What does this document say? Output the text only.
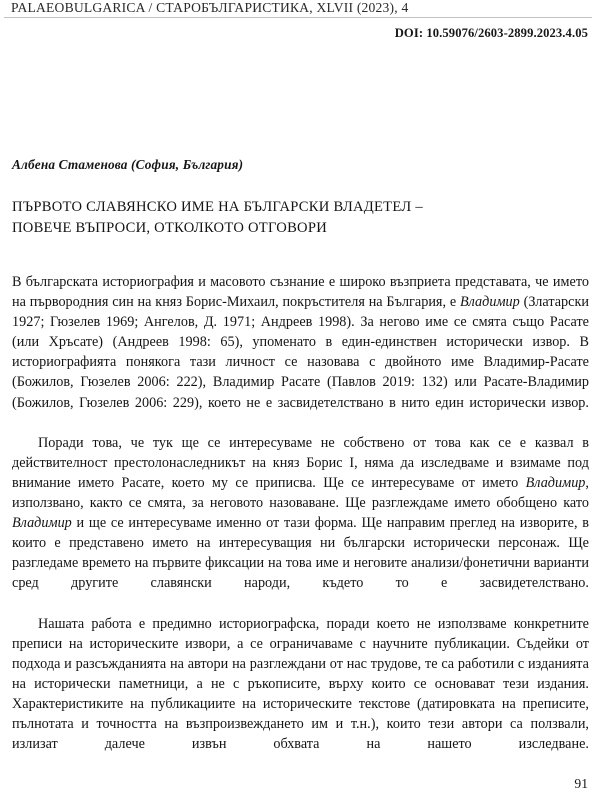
PALAEOBULGARICA / СТАРОБЪЛГАРИСТИКА, XLVII (2023), 4
DOI: 10.59076/2603-2899.2023.4.05
Албена Стаменова (София, България)
ПЪРВОТО СЛАВЯНСКО ИМЕ НА БЪЛГАРСКИ ВЛАДЕТЕЛ –
ПОВЕЧЕ ВЪПРОСИ, ОТКОЛКОТО ОТГОВОРИ

В българската историография и масовото съзнание е широко възприета представата, че името на първородния син на княз Борис-Михаил, покръстителя на България, е Владимир (Златарски 1927; Гюзелев 1969; Ангелов, Д. 1971; Андреев 1998). За негово име се смята също Расате (или Хръсате) (Андреев 1998: 65), упоменато в един-единствен исторически извор. В историографията понякога тази личност се назовава с двойното име Владимир-Расате (Божилов, Гюзелев 2006: 222), Владимир Расате (Павлов 2019: 132) или Расате-Владимир (Божилов, Гюзелев 2006: 229), което не е засвидетелствано в нито един исторически извор.

Поради това, че тук ще се интересуваме не собствено от това как се е казвал в действителност престолонаследникът на княз Борис I, няма да изследваме и взимаме под внимание името Расате, което му се приписва. Ще се интересуваме от името Владимир, използвано, както се смята, за неговото назоваване. Ще разглеждаме името обобщено като Владимир и ще се интересуваме именно от тази форма. Ще направим преглед на изворите, в които е представено името на интересуващия ни български исторически персонаж. Ще разгледаме времето на първите фиксации на това име и неговите анализи/фонетични варианти сред другите славянски народи, където то е засвидетелствано.

Нашата работа е предимно историографска, поради което не използваме конкретните преписи на историческите извори, а се ограничаваме с научните публикации. Съдейки от подхода и разсъжданията на автори на разглеждани от нас трудове, те са работили с изданията на исторически паметници, а не с ръкописите, върху които се основават тези издания. Характеристиките на публикациите на историческите текстове (датировката на преписите, пълнотата и точността на възпроизвеждането им и т.н.), които тези автори са ползвали, излизат далече извън обхвата на нашето изследване.

91
